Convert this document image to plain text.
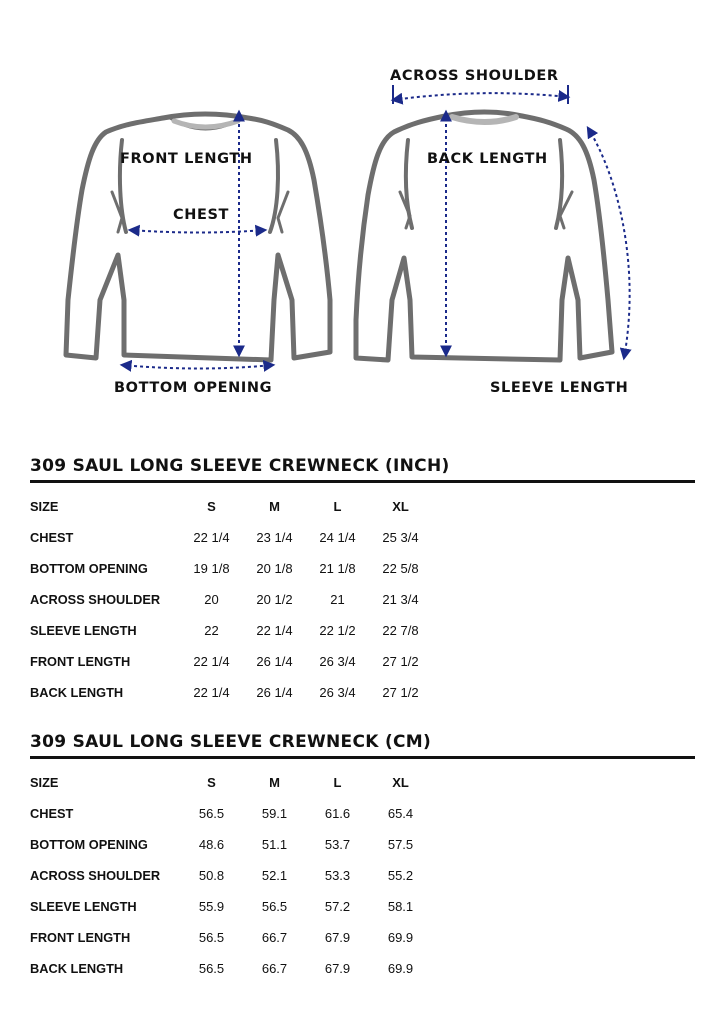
FRONT LENGTH
CHEST
BOTTOM OPENING
ACROSS SHOULDER
BACK LENGTH
SLEEVE LENGTH
309 SAUL LONG SLEEVE CREWNECK (INCH)
SIZE	S	M	L	XL
CHEST	22 1/4	23 1/4	24 1/4	25 3/4
BOTTOM OPENING	19 1/8	20 1/8	21 1/8	22 5/8
ACROSS SHOULDER	20	20 1/2	21	21 3/4
SLEEVE LENGTH	22	22 1/4	22 1/2	22 7/8
FRONT LENGTH	22 1/4	26 1/4	26 3/4	27 1/2
BACK LENGTH	22 1/4	26 1/4	26 3/4	27 1/2
309 SAUL LONG SLEEVE CREWNECK (CM)
SIZE	S	M	L	XL
CHEST	56.5	59.1	61.6	65.4
BOTTOM OPENING	48.6	51.1	53.7	57.5
ACROSS SHOULDER	50.8	52.1	53.3	55.2
SLEEVE LENGTH	55.9	56.5	57.2	58.1
FRONT LENGTH	56.5	66.7	67.9	69.9
BACK LENGTH	56.5	66.7	67.9	69.9
